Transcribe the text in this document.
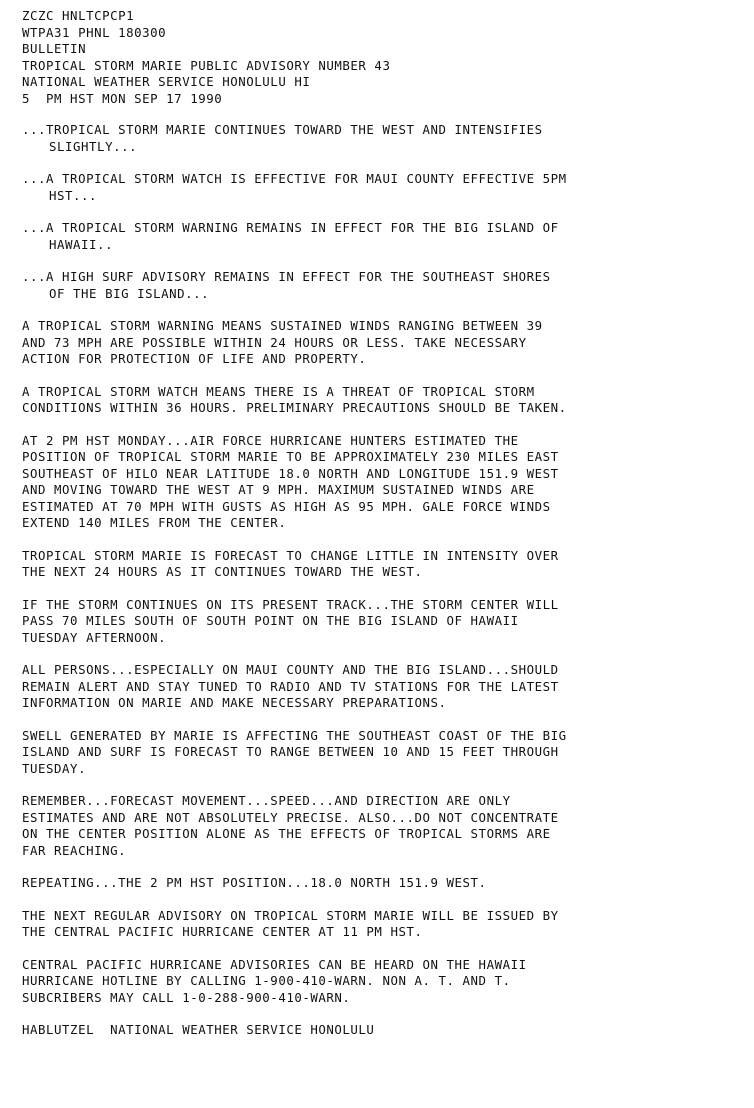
ZCZC HNLTCPCP1
WTPA31 PHNL 180300
BULLETIN
TROPICAL STORM MARIE PUBLIC ADVISORY NUMBER 43
NATIONAL WEATHER SERVICE HONOLULU HI
5  PM HST MON SEP 17 1990
...TROPICAL STORM MARIE CONTINUES TOWARD THE WEST AND INTENSIFIES
SLIGHTLY...
...A TROPICAL STORM WATCH IS EFFECTIVE FOR MAUI COUNTY EFFECTIVE 5PM
HST...
...A TROPICAL STORM WARNING REMAINS IN EFFECT FOR THE BIG ISLAND OF
HAWAII..
...A HIGH SURF ADVISORY REMAINS IN EFFECT FOR THE SOUTHEAST SHORES
OF THE BIG ISLAND...
A TROPICAL STORM WARNING MEANS SUSTAINED WINDS RANGING BETWEEN 39
AND 73 MPH ARE POSSIBLE WITHIN 24 HOURS OR LESS. TAKE NECESSARY
ACTION FOR PROTECTION OF LIFE AND PROPERTY.
A TROPICAL STORM WATCH MEANS THERE IS A THREAT OF TROPICAL STORM
CONDITIONS WITHIN 36 HOURS. PRELIMINARY PRECAUTIONS SHOULD BE TAKEN.
AT 2 PM HST MONDAY...AIR FORCE HURRICANE HUNTERS ESTIMATED THE
POSITION OF TROPICAL STORM MARIE TO BE APPROXIMATELY 230 MILES EAST
SOUTHEAST OF HILO NEAR LATITUDE 18.0 NORTH AND LONGITUDE 151.9 WEST
AND MOVING TOWARD THE WEST AT 9 MPH. MAXIMUM SUSTAINED WINDS ARE
ESTIMATED AT 70 MPH WITH GUSTS AS HIGH AS 95 MPH. GALE FORCE WINDS
EXTEND 140 MILES FROM THE CENTER.
TROPICAL STORM MARIE IS FORECAST TO CHANGE LITTLE IN INTENSITY OVER
THE NEXT 24 HOURS AS IT CONTINUES TOWARD THE WEST.
IF THE STORM CONTINUES ON ITS PRESENT TRACK...THE STORM CENTER WILL
PASS 70 MILES SOUTH OF SOUTH POINT ON THE BIG ISLAND OF HAWAII
TUESDAY AFTERNOON.
ALL PERSONS...ESPECIALLY ON MAUI COUNTY AND THE BIG ISLAND...SHOULD
REMAIN ALERT AND STAY TUNED TO RADIO AND TV STATIONS FOR THE LATEST
INFORMATION ON MARIE AND MAKE NECESSARY PREPARATIONS.
SWELL GENERATED BY MARIE IS AFFECTING THE SOUTHEAST COAST OF THE BIG
ISLAND AND SURF IS FORECAST TO RANGE BETWEEN 10 AND 15 FEET THROUGH
TUESDAY.
REMEMBER...FORECAST MOVEMENT...SPEED...AND DIRECTION ARE ONLY
ESTIMATES AND ARE NOT ABSOLUTELY PRECISE. ALSO...DO NOT CONCENTRATE
ON THE CENTER POSITION ALONE AS THE EFFECTS OF TROPICAL STORMS ARE
FAR REACHING.
REPEATING...THE 2 PM HST POSITION...18.0 NORTH 151.9 WEST.
THE NEXT REGULAR ADVISORY ON TROPICAL STORM MARIE WILL BE ISSUED BY
THE CENTRAL PACIFIC HURRICANE CENTER AT 11 PM HST.
CENTRAL PACIFIC HURRICANE ADVISORIES CAN BE HEARD ON THE HAWAII
HURRICANE HOTLINE BY CALLING 1-900-410-WARN. NON A. T. AND T.
SUBCRIBERS MAY CALL 1-0-288-900-410-WARN.
HABLUTZEL  NATIONAL WEATHER SERVICE HONOLULU
